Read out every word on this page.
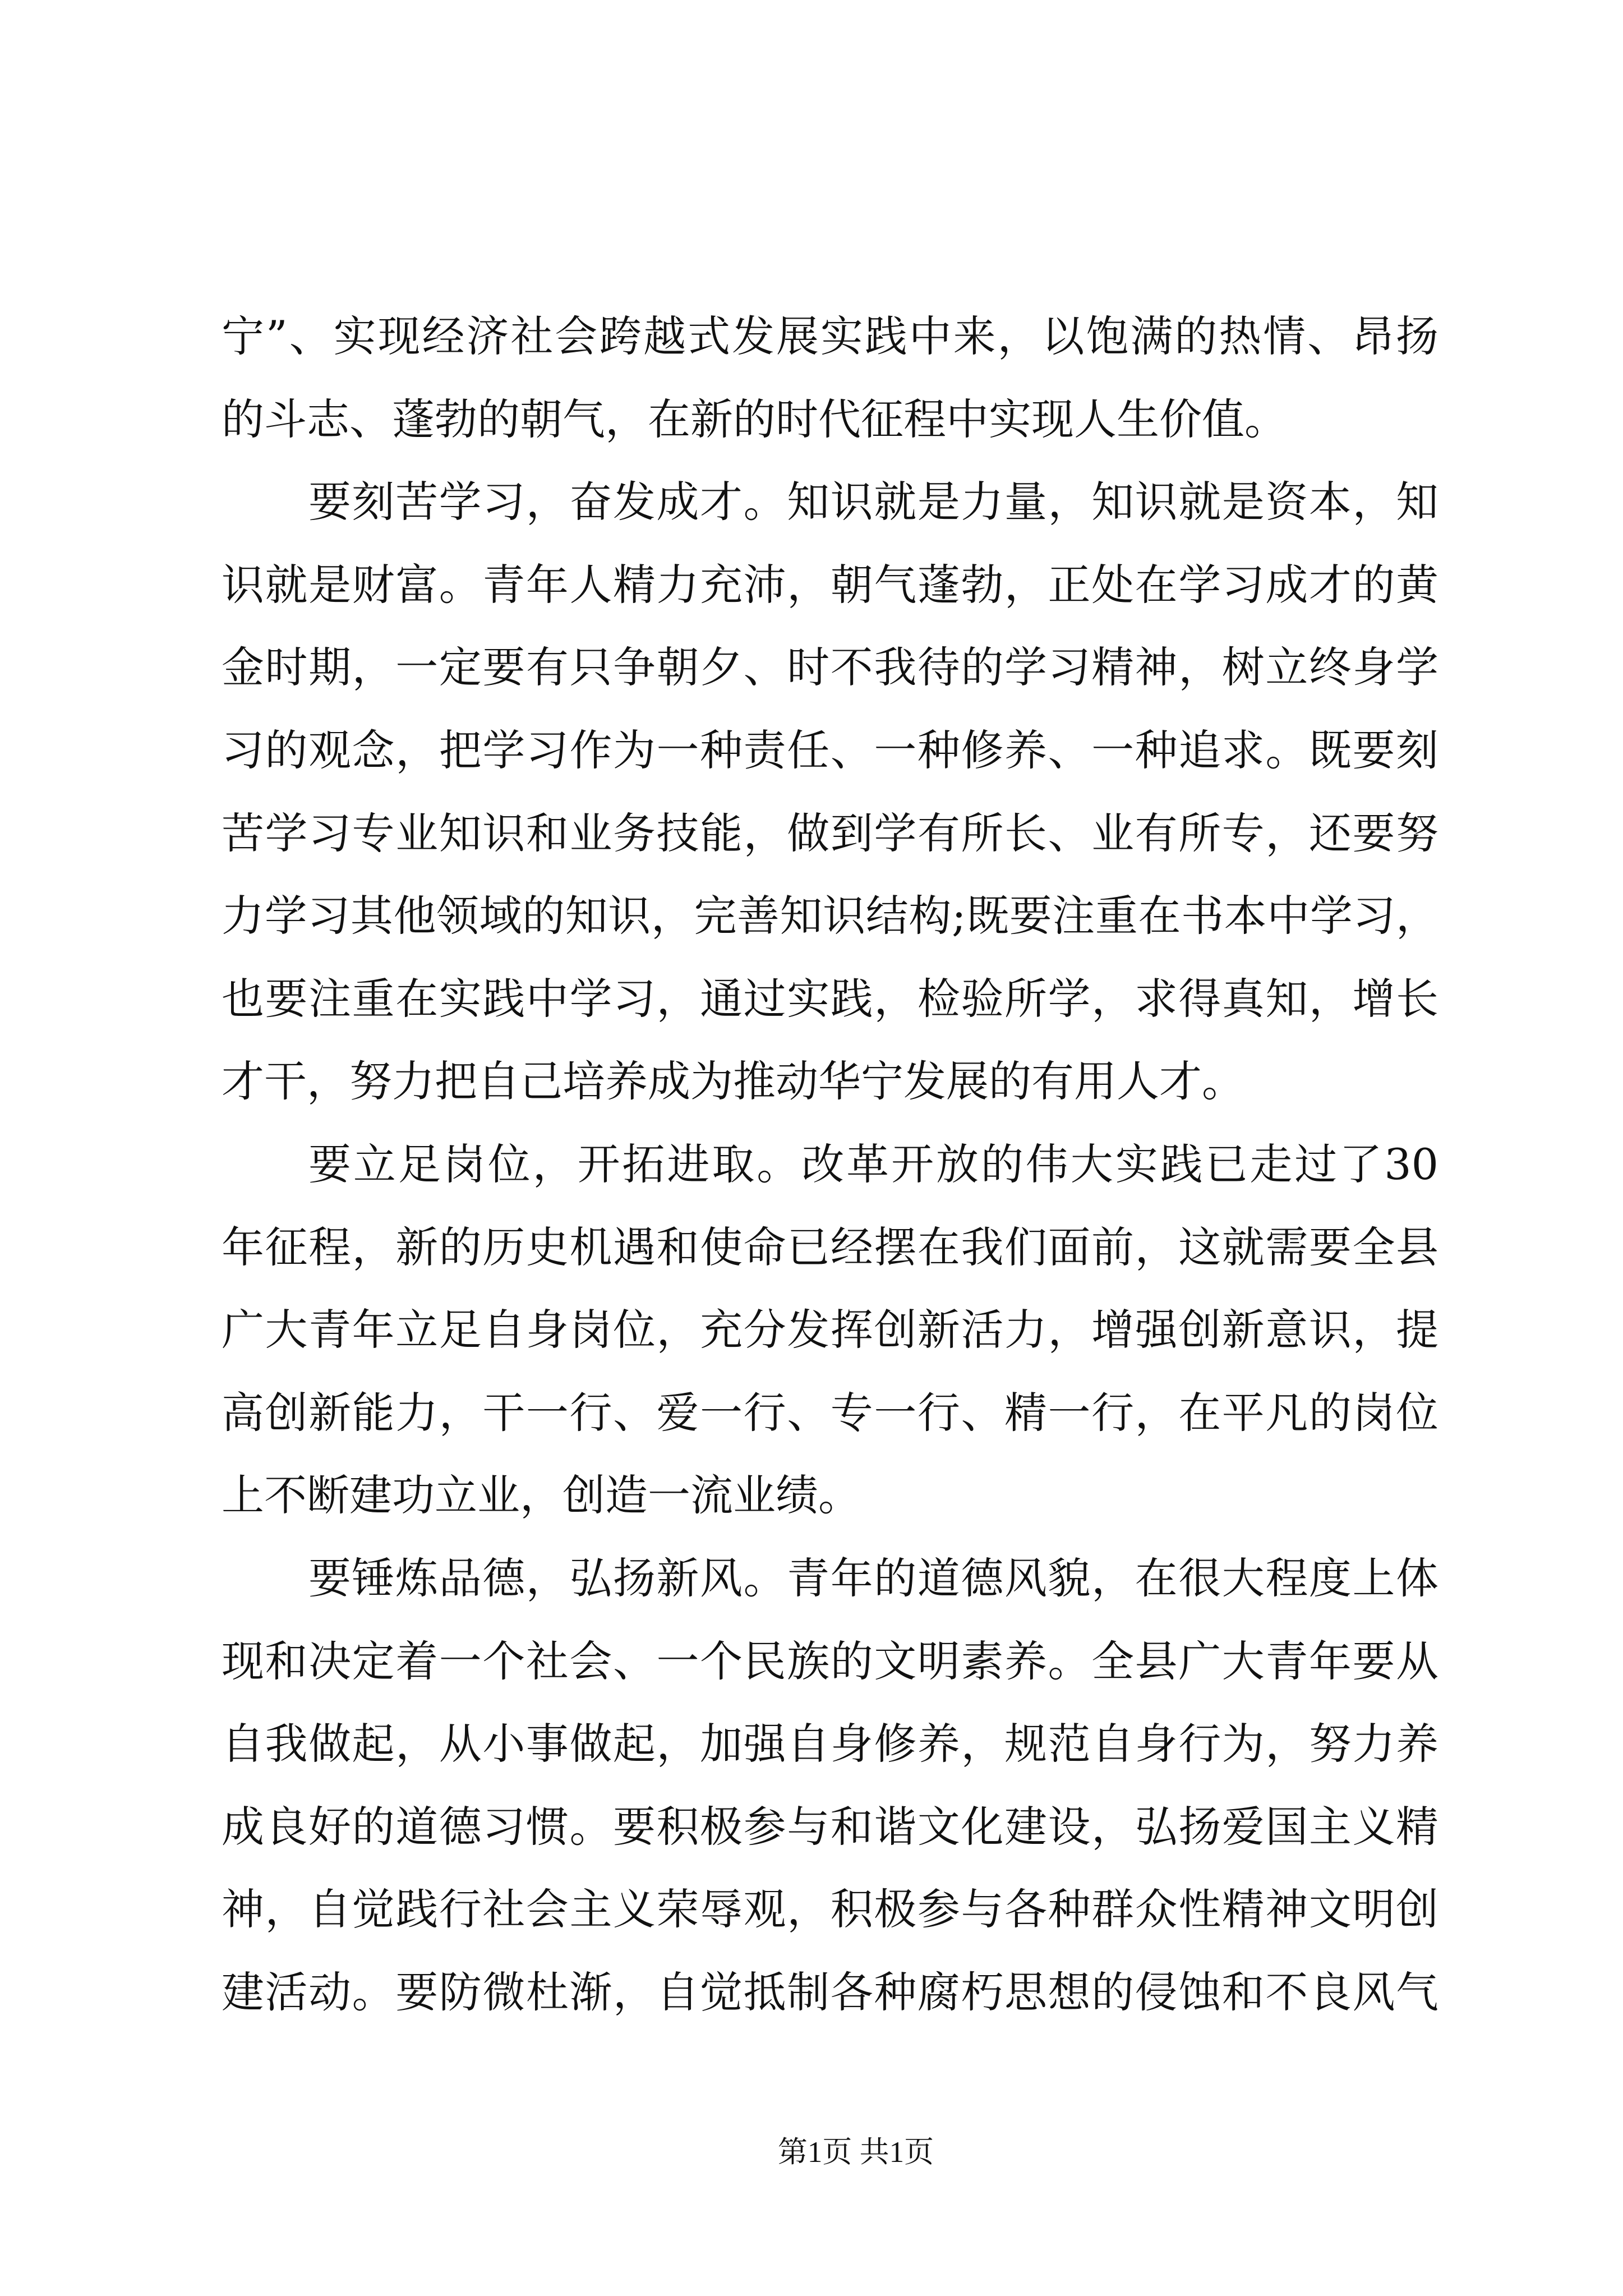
宁”、实现经济社会跨越式发展实践中来，以饱满的热情、昂扬
的斗志、蓬勃的朝气，在新的时代征程中实现人生价值。
要刻苦学习，奋发成才。知识就是力量，知识就是资本，知
识就是财富。青年人精力充沛，朝气蓬勃，正处在学习成才的黄
金时期，一定要有只争朝夕、时不我待的学习精神，树立终身学
习的观念，把学习作为一种责任、一种修养、一种追求。既要刻
苦学习专业知识和业务技能，做到学有所长、业有所专，还要努
力学习其他领域的知识，完善知识结构;既要注重在书本中学习，
也要注重在实践中学习，通过实践，检验所学，求得真知，增长
才干，努力把自己培养成为推动华宁发展的有用人才。
要立足岗位，开拓进取。改革开放的伟大实践已走过了30
年征程，新的历史机遇和使命已经摆在我们面前，这就需要全县
广大青年立足自身岗位，充分发挥创新活力，增强创新意识，提
高创新能力，干一行、爱一行、专一行、精一行，在平凡的岗位
上不断建功立业，创造一流业绩。
要锤炼品德，弘扬新风。青年的道德风貌，在很大程度上体
现和决定着一个社会、一个民族的文明素养。全县广大青年要从
自我做起，从小事做起，加强自身修养，规范自身行为，努力养
成良好的道德习惯。要积极参与和谐文化建设，弘扬爱国主义精
神，自觉践行社会主义荣辱观，积极参与各种群众性精神文明创
建活动。要防微杜渐，自觉抵制各种腐朽思想的侵蚀和不良风气
第1页 共1页
